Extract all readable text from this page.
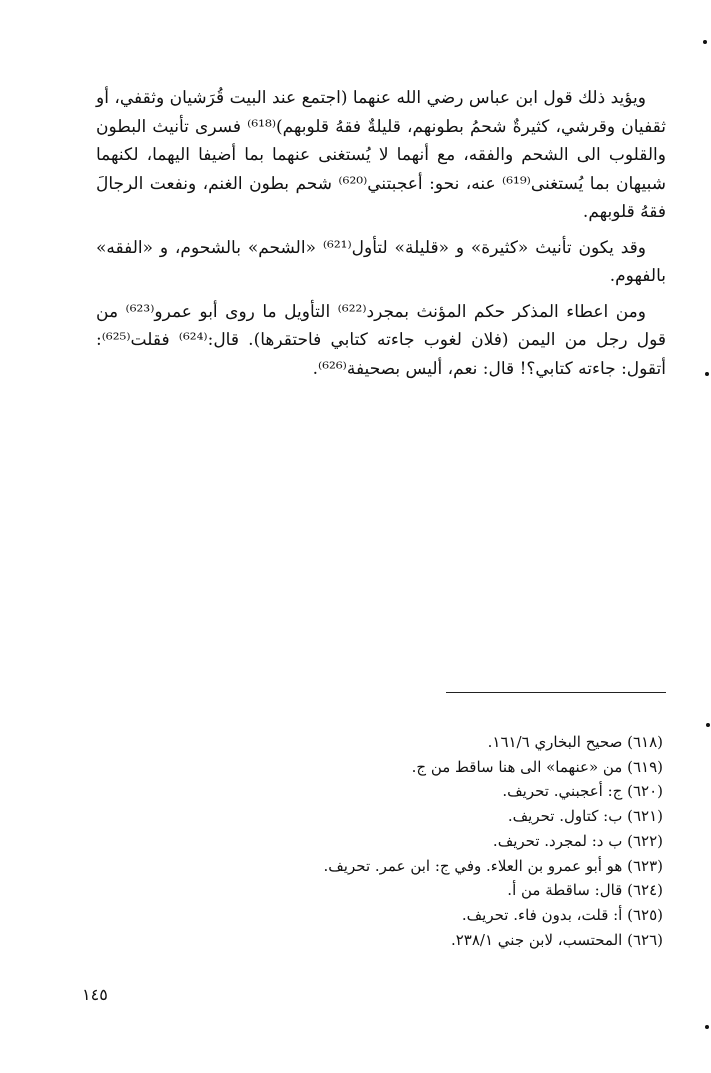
ويؤيد ذلك قول ابن عباس رضي الله عنهما (اجتمع عند البيت قُرَشيان وثقفي، أو ثقفيان وقرشي، كثيرةٌ شحمُ بطونهم، قليلةٌ فقهُ قلوبهم)⁽⁶¹⁸⁾ فسرى تأنيث البطون والقلوب الى الشحم والفقه، مع أنهما لا يُستغنى عنهما بما أضيفا اليهما، لكنهما شبيهان بما يُستغنى⁽⁶¹⁹⁾ عنه، نحو: أعجبتني⁽⁶²⁰⁾ شحم بطون الغنم، ونفعت الرجالَ فقهُ قلوبهم.

وقد يكون تأنيث «كثيرة» و «قليلة» لتأول⁽⁶²¹⁾ «الشحم» بالشحوم، و «الفقه» بالفهوم.

ومن اعطاء المذكر حكم المؤنث بمجرد⁽⁶²²⁾ التأويل ما روى أبو عمرو⁽⁶²³⁾ من قول رجل من اليمن (فلان لغوب جاءته كتابي فاحتقرها). قال:⁽⁶²⁴⁾ فقلت⁽⁶²⁵⁾: أتقول: جاءته كتابي؟! قال: نعم، أليس بصحيفة⁽⁶²⁶⁾.

(٦١٨) صحيح البخاري ١٦١/٦.
(٦١٩) من «عنهما» الى هنا ساقط من ج.
(٦٢٠) ج: أعجبني. تحريف.
(٦٢١) ب: كتاول. تحريف.
(٦٢٢) ب د: لمجرد. تحريف.
(٦٢٣) هو أبو عمرو بن العلاء. وفي ج: ابن عمر. تحريف.
(٦٢٤) قال: ساقطة من أ.
(٦٢٥) أ: قلت، بدون فاء. تحريف.
(٦٢٦) المحتسب، لابن جني ٢٣٨/١.
١٤٥
